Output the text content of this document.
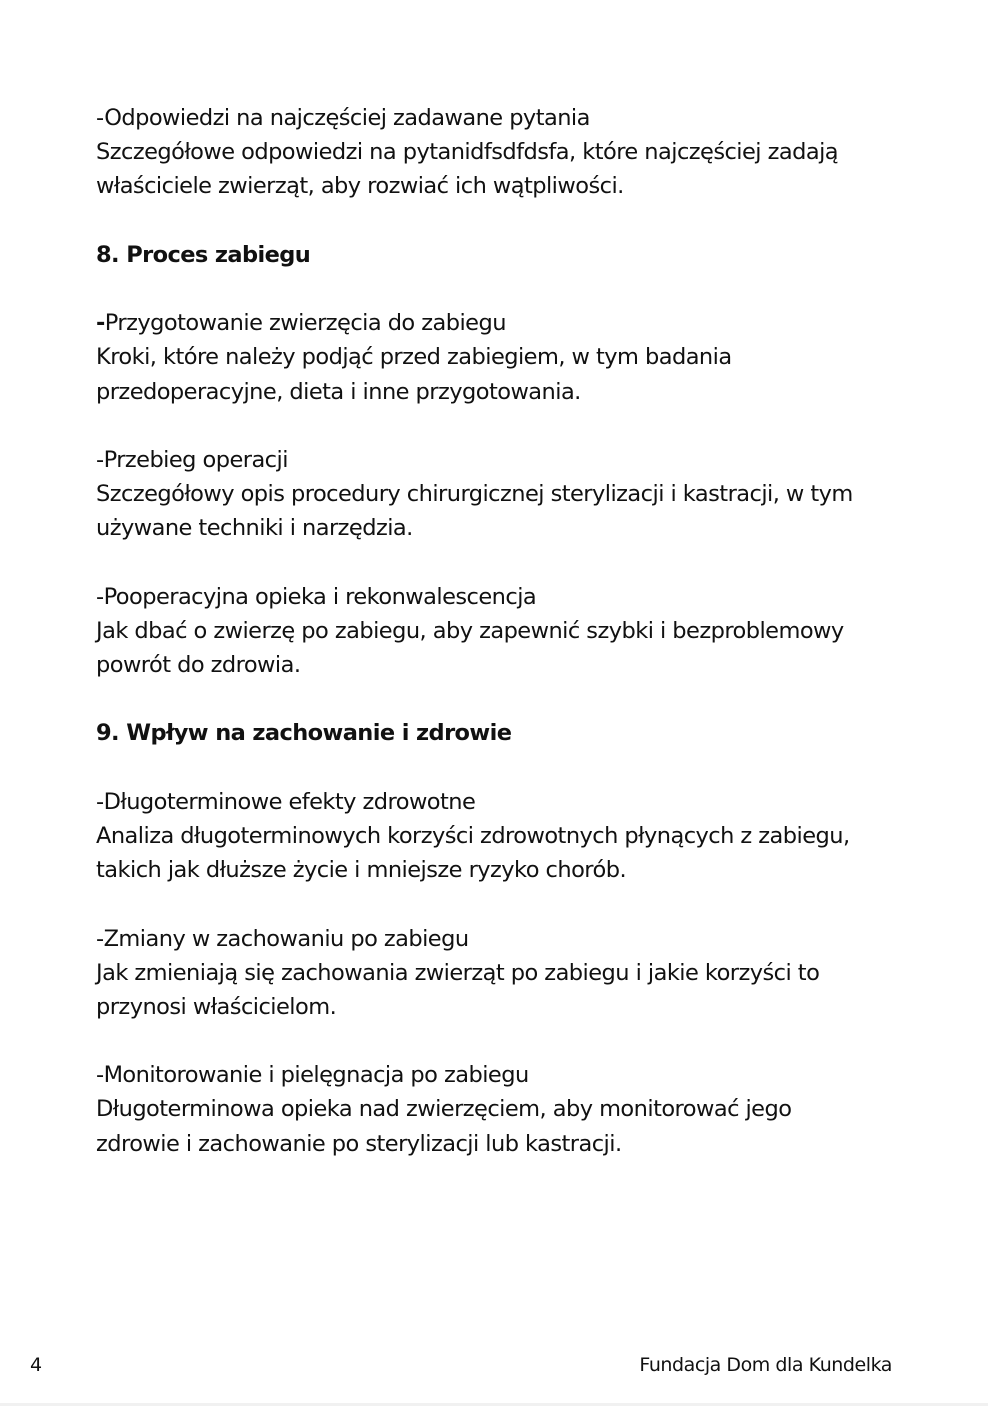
-Odpowiedzi na najczęściej zadawane pytania
Szczegółowe odpowiedzi na pytanidfsdfdsfa, które najczęściej zadają
właściciele zwierząt, aby rozwiać ich wątpliwości.
8. Proces zabiegu
-Przygotowanie zwierzęcia do zabiegu
Kroki, które należy podjąć przed zabiegiem, w tym badania
przedoperacyjne, dieta i inne przygotowania.
-Przebieg operacji
Szczegółowy opis procedury chirurgicznej sterylizacji i kastracji, w tym
używane techniki i narzędzia.
-Pooperacyjna opieka i rekonwalescencja
Jak dbać o zwierzę po zabiegu, aby zapewnić szybki i bezproblemowy
powrót do zdrowia.
9. Wpływ na zachowanie i zdrowie
-Długoterminowe efekty zdrowotne
Analiza długoterminowych korzyści zdrowotnych płynących z zabiegu,
takich jak dłuższe życie i mniejsze ryzyko chorób.
-Zmiany w zachowaniu po zabiegu
Jak zmieniają się zachowania zwierząt po zabiegu i jakie korzyści to
przynosi właścicielom.
-Monitorowanie i pielęgnacja po zabiegu
Długoterminowa opieka nad zwierzęciem, aby monitorować jego
zdrowie i zachowanie po sterylizacji lub kastracji.
4	Fundacja Dom dla Kundelka
